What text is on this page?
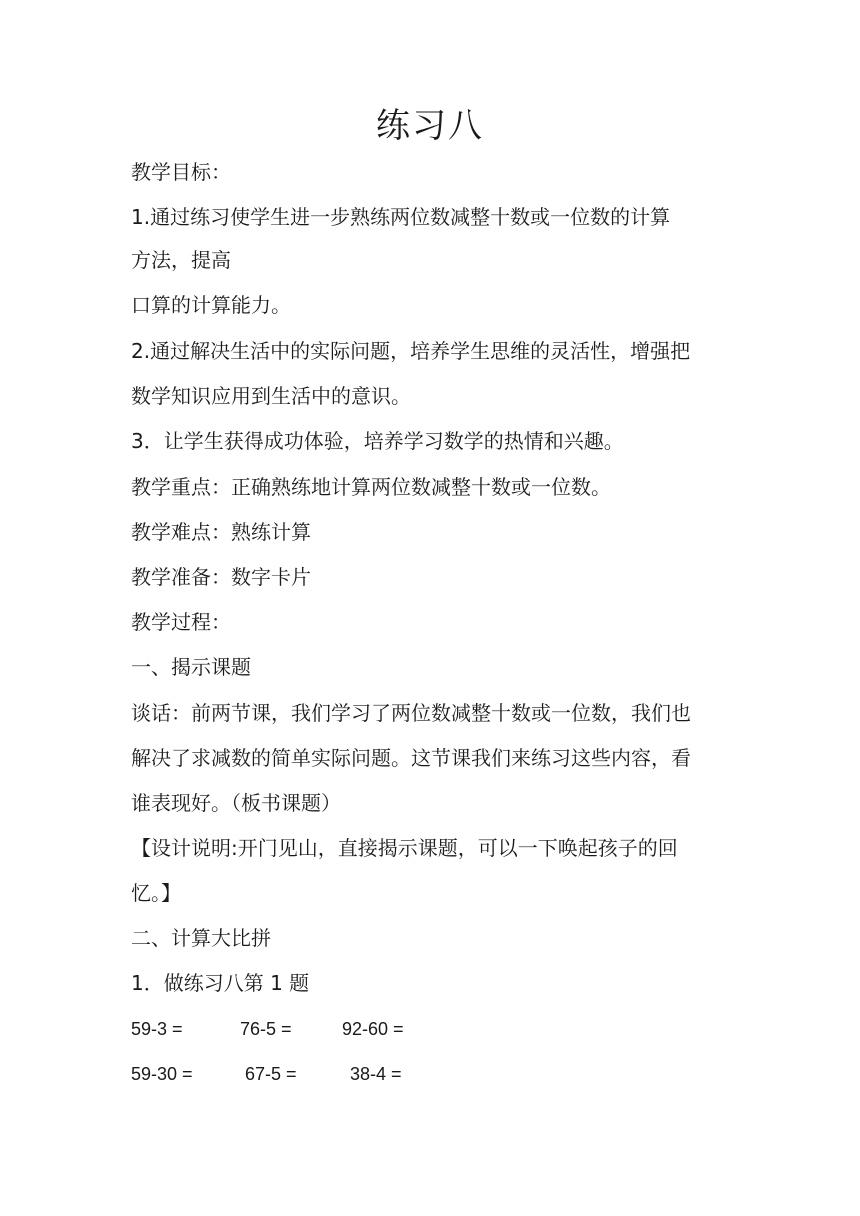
练习八
教学目标：
1.通过练习使学生进一步熟练两位数减整十数或一位数的计算
方法，提高
口算的计算能力。
2.通过解决生活中的实际问题，培养学生思维的灵活性，增强把
数学知识应用到生活中的意识。
3．让学生获得成功体验，培养学习数学的热情和兴趣。
教学重点：正确熟练地计算两位数减整十数或一位数。
教学难点：熟练计算
教学准备：数字卡片
教学过程：
一、揭示课题
谈话：前两节课，我们学习了两位数减整十数或一位数，我们也
解决了求减数的简单实际问题。这节课我们来练习这些内容，看
谁表现好。（板书课题）
【设计说明:开门见山，直接揭示课题，可以一下唤起孩子的回
忆。】
二、计算大比拼
1．做练习八第 1 题
59-3 =	76-5 =	92-60 =
59-30 =	67-5 =	38-4 =
